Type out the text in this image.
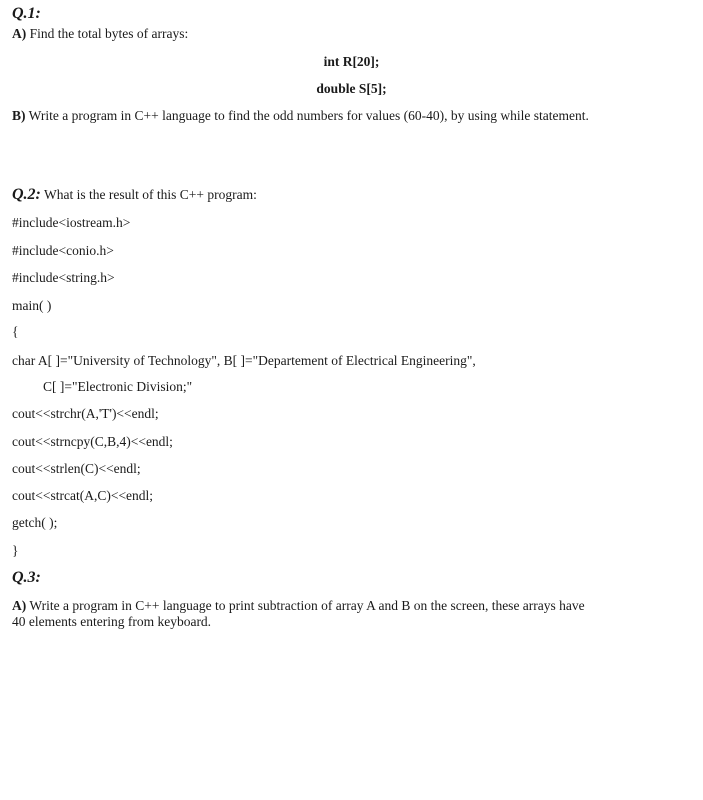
Q.1:
A) Find the total bytes of arrays:
int R[20];
double S[5];
B) Write a program in C++ language to find the odd numbers for values (60-40), by using while statement.
Q.2: What is the result of this C++ program:
#include<iostream.h>
#include<conio.h>
#include<string.h>
main( )
{
char A[ ]="University of Technology", B[ ]="Departement of Electrical Engineering",
C[ ]="Electronic Division;"
cout<<strchr(A,'T')<<endl;
cout<<strncpy(C,B,4)<<endl;
cout<<strlen(C)<<endl;
cout<<strcat(A,C)<<endl;
getch( );
}
Q.3:
A) Write a program in C++ language to print subtraction of array A and B on the screen, these arrays have
40 elements entering from keyboard.
